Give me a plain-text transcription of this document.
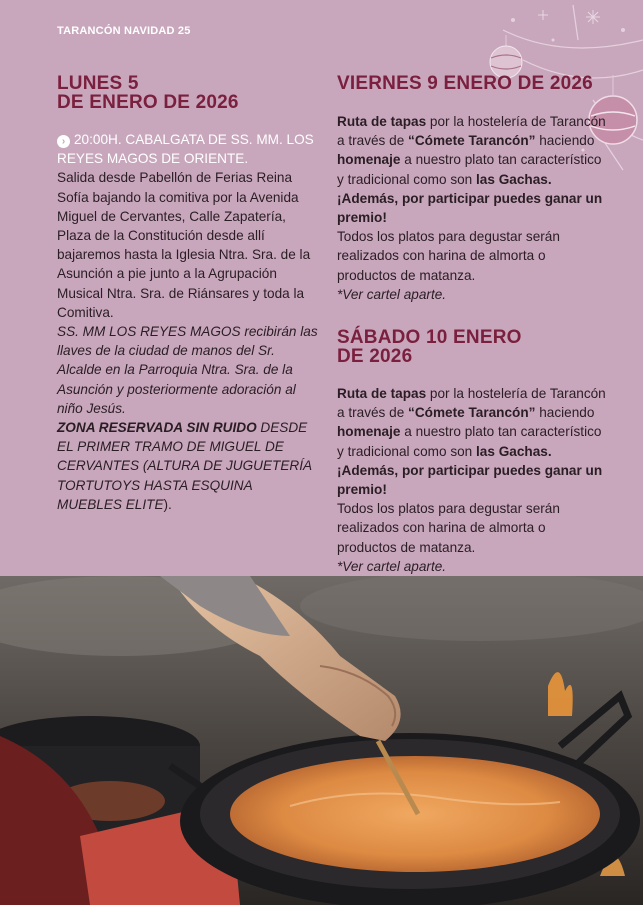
TARANCÓN NAVIDAD 25
LUNES 5
DE ENERO DE 2026
› 20:00H. CABALGATA DE SS. MM. LOS REYES MAGOS DE ORIENTE.
Salida desde Pabellón de Ferias Reina Sofía bajando la comitiva por la Avenida Miguel de Cervantes, Calle Zapatería, Plaza de la Constitución desde allí bajaremos hasta la Iglesia Ntra. Sra. de la Asunción a pie junto a la Agrupación Musical Ntra. Sra. de Riánsares y toda la Comitiva.
SS. MM LOS REYES MAGOS recibirán las llaves de la ciudad de manos del Sr. Alcalde en la Parroquia Ntra. Sra. de la Asunción y posteriormente adoración al niño Jesús.
ZONA RESERVADA SIN RUIDO DESDE EL PRIMER TRAMO DE MIGUEL DE CERVANTES (ALTURA DE JUGUETERÍA TORTUTOYS HASTA ESQUINA MUEBLES ELITE).
VIERNES 9 ENERO DE 2026
Ruta de tapas por la hostelería de Tarancón a través de “Cómete Tarancón” haciendo homenaje a nuestro plato tan característico y tradicional como son las Gachas. ¡Además, por participar puedes ganar un premio!
Todos los platos para degustar serán realizados con harina de almorta o productos de matanza.
*Ver cartel aparte.
SÁBADO 10 ENERO
DE 2026
Ruta de tapas por la hostelería de Tarancón a través de “Cómete Tarancón” haciendo homenaje a nuestro plato tan característico y tradicional como son las Gachas. ¡Además, por participar puedes ganar un premio!
Todos los platos para degustar serán realizados con harina de almorta o productos de matanza.
*Ver cartel aparte.
